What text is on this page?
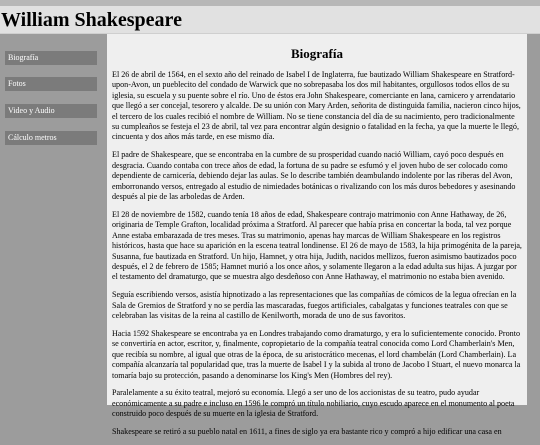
William Shakespeare
Biografía
Fotos
Video y Audio
Cálculo metros
Biografía

El 26 de abril de 1564, en el sexto año del reinado de Isabel I de Inglaterra, fue bautizado William Shakespeare en Stratford-upon-Avon, un pueblecito del condado de Warwick que no sobrepasaba los dos mil habitantes, orgullosos todos ellos de su iglesia, su escuela y su puente sobre el río. Uno de éstos era John Shakespeare, comerciante en lana, carnicero y arrendatario que llegó a ser concejal, tesorero y alcalde. De su unión con Mary Arden, señorita de distinguida familia, nacieron cinco hijos, el tercero de los cuales recibió el nombre de William. No se tiene constancia del día de su nacimiento, pero tradicionalmente su cumpleaños se festeja el 23 de abril, tal vez para encontrar algún designio o fatalidad en la fecha, ya que la muerte le llegó, cincuenta y dos años más tarde, en ese mismo día.

El padre de Shakespeare, que se encontraba en la cumbre de su prosperidad cuando nació William, cayó poco después en desgracia. Cuando contaba con trece años de edad, la fortuna de su padre se esfumó y el joven hubo de ser colocado como dependiente de carnicería, debiendo dejar las aulas. Se lo describe también deambulando indolente por las riberas del Avon, emborronando versos, entregado al estudio de nimiedades botánicas o rivalizando con los más duros bebedores y asesinando después al pie de las arboledas de Arden.

El 28 de noviembre de 1582, cuando tenía 18 años de edad, Shakespeare contrajo matrimonio con Anne Hathaway, de 26, originaria de Temple Grafton, localidad próxima a Stratford. Al parecer que había prisa en concertar la boda, tal vez porque Anne estaba embarazada de tres meses. Tras su matrimonio, apenas hay marcas de William Shakespeare en los registros históricos, hasta que hace su aparición en la escena teatral londinense. El 26 de mayo de 1583, la hija primogénita de la pareja, Susanna, fue bautizada en Stratford. Un hijo, Hamnet, y otra hija, Judith, nacidos mellizos, fueron asimismo bautizados poco después, el 2 de febrero de 1585; Hamnet murió a los once años, y solamente llegaron a la edad adulta sus hijas. A juzgar por el testamento del dramaturgo, que se muestra algo desdeñoso con Anne Hathaway, el matrimonio no estaba bien avenido.

Seguía escribiendo versos, asistía hipnotizado a las representaciones que las compañías de cómicos de la legua ofrecían en la Sala de Gremios de Stratford y no se perdía las mascaradas, fuegos artificiales, cabalgatas y funciones teatrales con que se celebraban las visitas de la reina al castillo de Kenilworth, morada de uno de sus favoritos.

Hacia 1592 Shakespeare se encontraba ya en Londres trabajando como dramaturgo, y era lo suficientemente conocido. Pronto se convertiría en actor, escritor, y, finalmente, copropietario de la compañía teatral conocida como Lord Chamberlain's Men, que recibía su nombre, al igual que otras de la época, de su aristocrático mecenas, el lord chambelán (Lord Chamberlain). La compañía alcanzaría tal popularidad que, tras la muerte de Isabel I y la subida al trono de Jacobo I Stuart, el nuevo monarca la tomaría bajo su protección, pasando a denominarse los King's Men (Hombres del rey).

Paralelamente a su éxito teatral, mejoró su economía. Llegó a ser uno de los accionistas de su teatro, pudo ayudar económicamente a su padre e incluso en 1596 le compró un título nobiliario, cuyo escudo aparece en el monumento al poeta construido poco después de su muerte en la iglesia de Stratford.

Shakespeare se retiró a su pueblo natal en 1611, a fines de siglo ya era bastante rico y compró a hijo edificar una casa en
